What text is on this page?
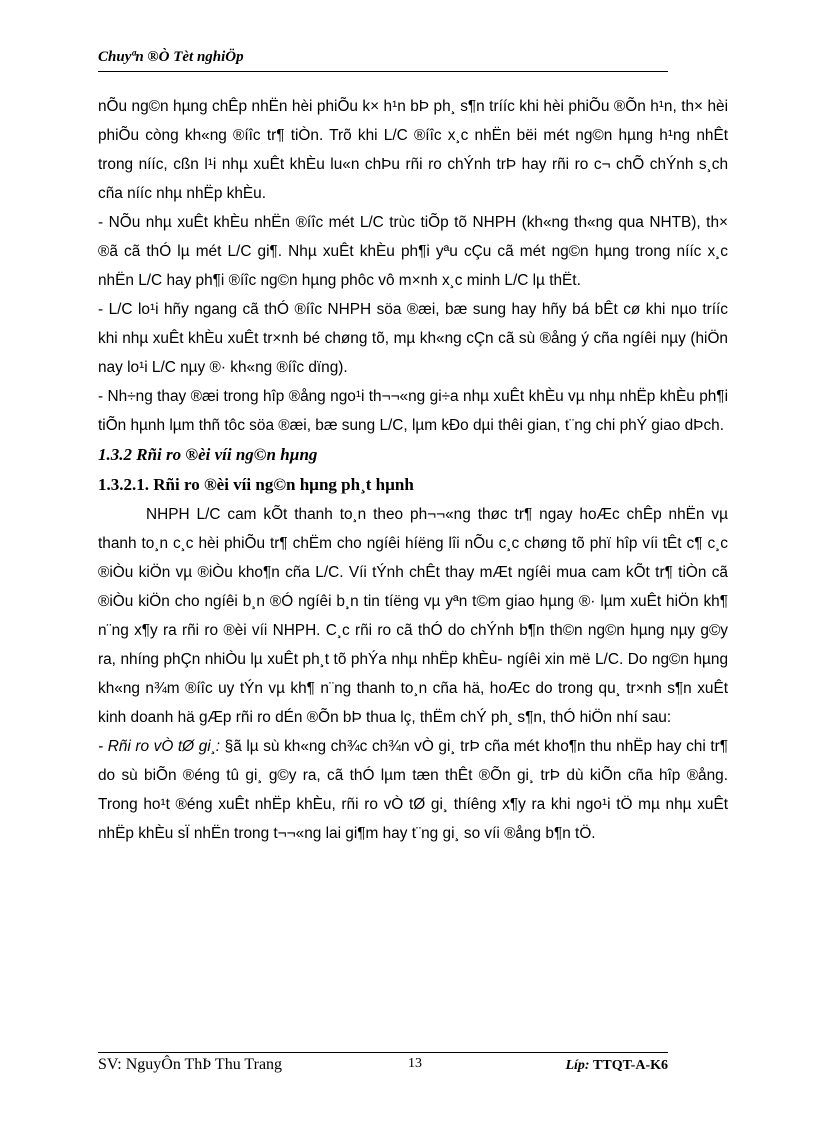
Chuyªn ®Ò Tèt nghiÖp

nÕu ng©n hµng chÊp nhËn hèi phiÕu k× h¹n bÞ ph¸ s¶n trííc khi hèi phiÕu ®Õn h¹n, th× hèi phiÕu còng kh«ng ®íîc tr¶ tiÒn. Trõ khi L/C ®íîc x¸c nhËn bëi mét ng©n hµng h¹ng nhÊt trong nííc, cßn l¹i nhµ xuÊt khÈu lu«n chÞu rñi ro chÝnh trÞ hay rñi ro c¬ chÕ chÝnh s¸ch cña nííc nhµ nhËp khÈu.

- NÕu nhµ xuÊt khÈu nhËn ®íîc mét L/C trùc tiÕp tõ NHPH (kh«ng th«ng qua NHTB), th× ®ã cã thÓ lµ mét L/C gi¶. Nhµ xuÊt khÈu ph¶i yªu cÇu cã mét ng©n hµng trong nííc x¸c nhËn L/C hay ph¶i ®íîc ng©n hµng phôc vô m×nh x¸c minh L/C lµ thËt.

- L/C lo¹i hñy ngang cã thÓ ®íîc NHPH söa ®æi, bæ sung hay hñy bá bÊt cø khi nµo trííc khi nhµ xuÊt khÈu xuÊt tr×nh bé chøng tõ, mµ kh«ng cÇn cã sù ®ång ý cña ngíêi nµy (hiÖn nay lo¹i L/C nµy ®· kh«ng ®íîc dïng).

- Nh÷ng thay ®æi trong hîp ®ång ngo¹i th¬¬«ng gi÷a nhµ xuÊt khÈu vµ nhµ nhËp khÈu ph¶i tiÕn hµnh lµm thñ tôc söa ®æi, bæ sung L/C, lµm kÐo dµi thêi gian, t¨ng chi phÝ giao dÞch.

1.3.2 Rñi ro ®èi víi ng©n hµng

1.3.2.1. Rñi ro ®èi víi ng©n hµng ph¸t hµnh

NHPH L/C cam kÕt thanh to¸n theo ph¬¬«ng thøc tr¶ ngay hoÆc chÊp nhËn vµ thanh to¸n c¸c hèi phiÕu tr¶ chËm cho ngíêi híëng lîi nÕu c¸c chøng tõ phï hîp víi tÊt c¶ c¸c ®iÒu kiÖn vµ ®iÒu kho¶n cña L/C. Víi tÝnh chÊt thay mÆt ngíêi mua cam kÕt tr¶ tiÒn cã ®iÒu kiÖn cho ngíêi b¸n ®Ó ngíêi b¸n tin tíëng vµ yªn t©m giao hµng ®· lµm xuÊt hiÖn kh¶ n¨ng x¶y ra rñi ro ®èi víi NHPH. C¸c rñi ro cã thÓ do chÝnh b¶n th©n ng©n hµng nµy g©y ra, nhíng phÇn nhiÒu lµ xuÊt ph¸t tõ phÝa nhµ nhËp khÈu- ngíêi xin më L/C. Do ng©n hµng kh«ng n¾m ®íîc uy tÝn vµ kh¶ n¨ng thanh to¸n cña hä, hoÆc do trong qu¸ tr×nh s¶n xuÊt kinh doanh hä gÆp rñi ro dÉn ®Õn bÞ thua lç, thËm chÝ ph¸ s¶n, thÓ hiÖn nhí sau:

- Rñi ro vÒ tØ gi¸: §ã lµ sù kh«ng ch¾c ch¾n vÒ gi¸ trÞ cña mét kho¶n thu nhËp hay chi tr¶ do sù biÕn ®éng tû gi¸ g©y ra, cã thÓ lµm tæn thÊt ®Õn gi¸ trÞ dù kiÕn cña hîp ®ång. Trong ho¹t ®éng xuÊt nhËp khÈu, rñi ro vÒ tØ gi¸ thíêng x¶y ra khi ngo¹i tÖ mµ nhµ xuÊt nhËp khÈu sÏ nhËn trong t¬¬«ng lai gi¶m hay t¨ng gi¸ so víi ®ång b¶n tÖ.

SV: NguyÔn ThÞ Thu Trang	13	Líp: TTQT-A-K6
